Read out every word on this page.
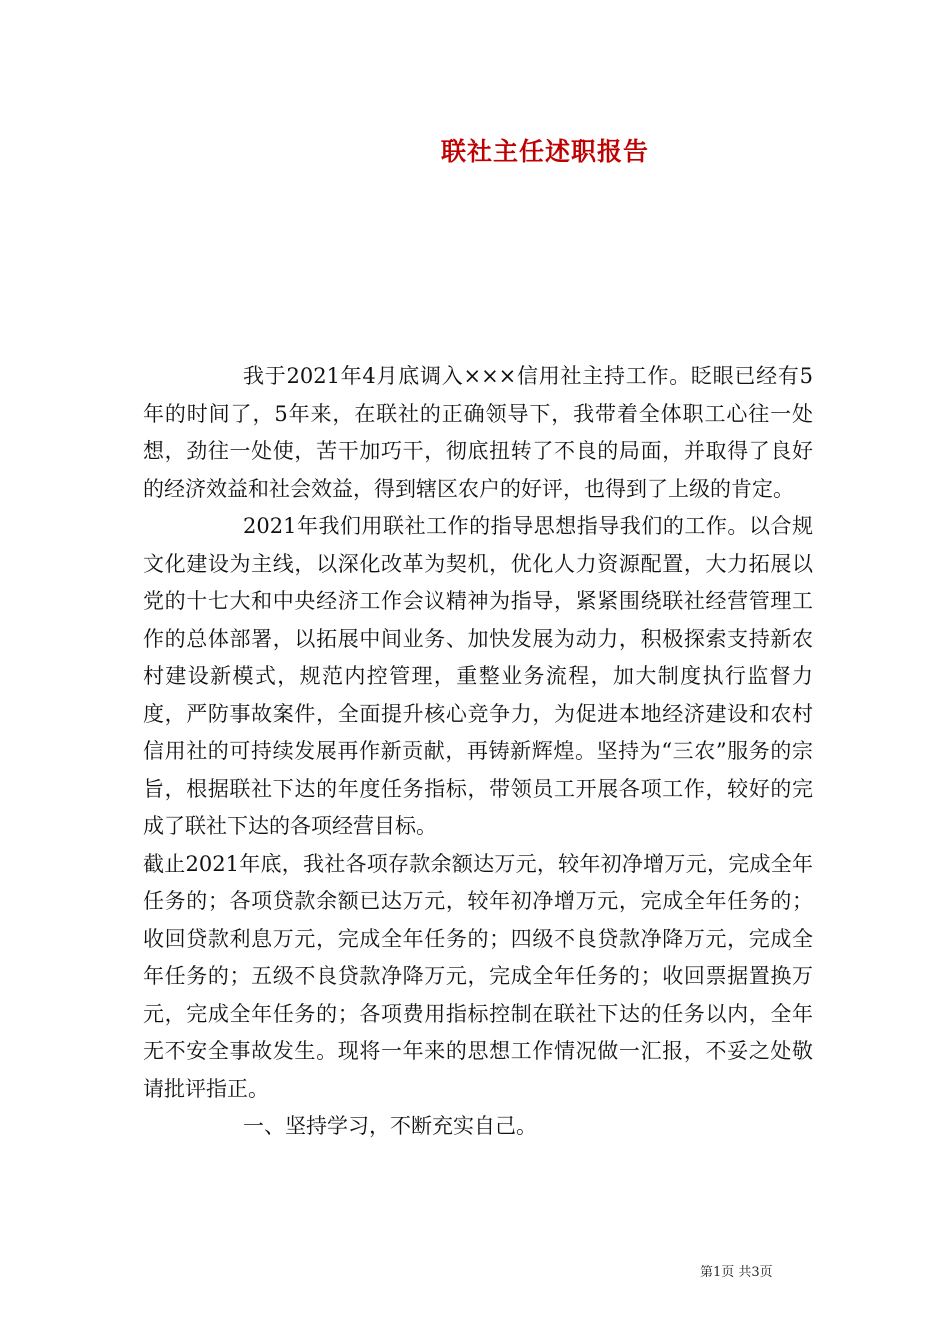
联社主任述职报告

我于2021年4月底调入×××信用社主持工作。眨眼已经有5年的时间了，5年来，在联社的正确领导下，我带着全体职工心往一处想，劲往一处使，苦干加巧干，彻底扭转了不良的局面，并取得了良好的经济效益和社会效益，得到辖区农户的好评，也得到了上级的肯定。

2021年我们用联社工作的指导思想指导我们的工作。以合规文化建设为主线，以深化改革为契机，优化人力资源配置，大力拓展以党的十七大和中央经济工作会议精神为指导，紧紧围绕联社经营管理工作的总体部署，以拓展中间业务、加快发展为动力，积极探索支持新农村建设新模式，规范内控管理，重整业务流程，加大制度执行监督力度，严防事故案件，全面提升核心竞争力，为促进本地经济建设和农村信用社的可持续发展再作新贡献，再铸新辉煌。坚持为“三农”服务的宗旨，根据联社下达的年度任务指标，带领员工开展各项工作，较好的完成了联社下达的各项经营目标。

截止2021年底，我社各项存款余额达万元，较年初净增万元，完成全年任务的；各项贷款余额已达万元，较年初净增万元，完成全年任务的；收回贷款利息万元，完成全年任务的；四级不良贷款净降万元，完成全年任务的；五级不良贷款净降万元，完成全年任务的；收回票据置换万元，完成全年任务的；各项费用指标控制在联社下达的任务以内，全年无不安全事故发生。现将一年来的思想工作情况做一汇报，不妥之处敬请批评指正。

一、坚持学习，不断充实自己。

第1页 共3页
